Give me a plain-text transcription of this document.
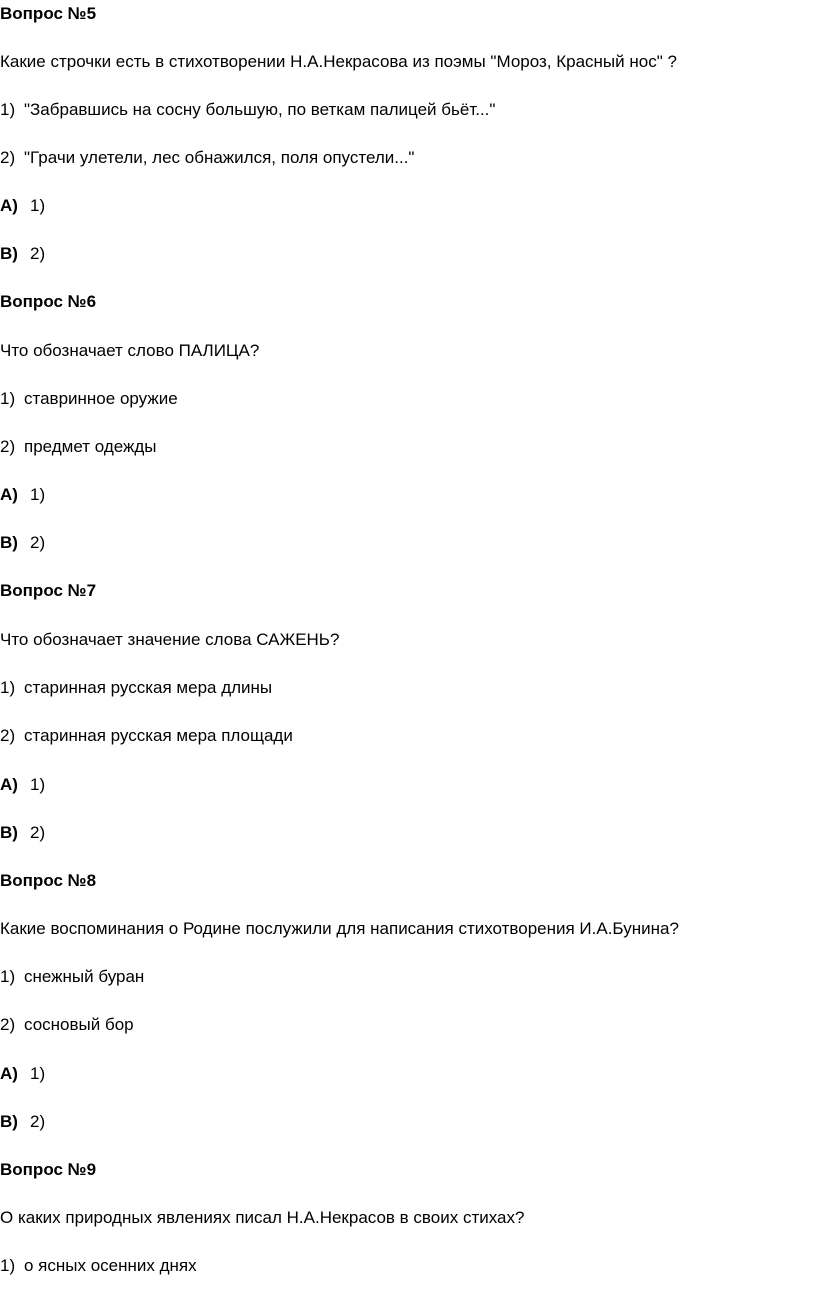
Вопрос №5
Какие строчки есть в стихотворении Н.А.Некрасова из поэмы "Мороз, Красный нос" ?
1) "Забравшись на сосну большую, по веткам палицей бьёт..."
2) "Грачи улетели, лес обнажился, поля опустели..."
A) 1)
B) 2)
Вопрос №6
Что обозначает слово ПАЛИЦА?
1) ставринное оружие
2) предмет одежды
A) 1)
B) 2)
Вопрос №7
Что обозначает значение слова САЖЕНЬ?
1) старинная русская мера длины
2) старинная русская мера площади
A) 1)
B) 2)
Вопрос №8
Какие воспоминания о Родине послужили для написания стихотворения И.А.Бунина?
1) снежный буран
2) сосновый бор
A) 1)
B) 2)
Вопрос №9
О каких природных явлениях писал Н.А.Некрасов в своих стихах?
1) о ясных осенних днях
